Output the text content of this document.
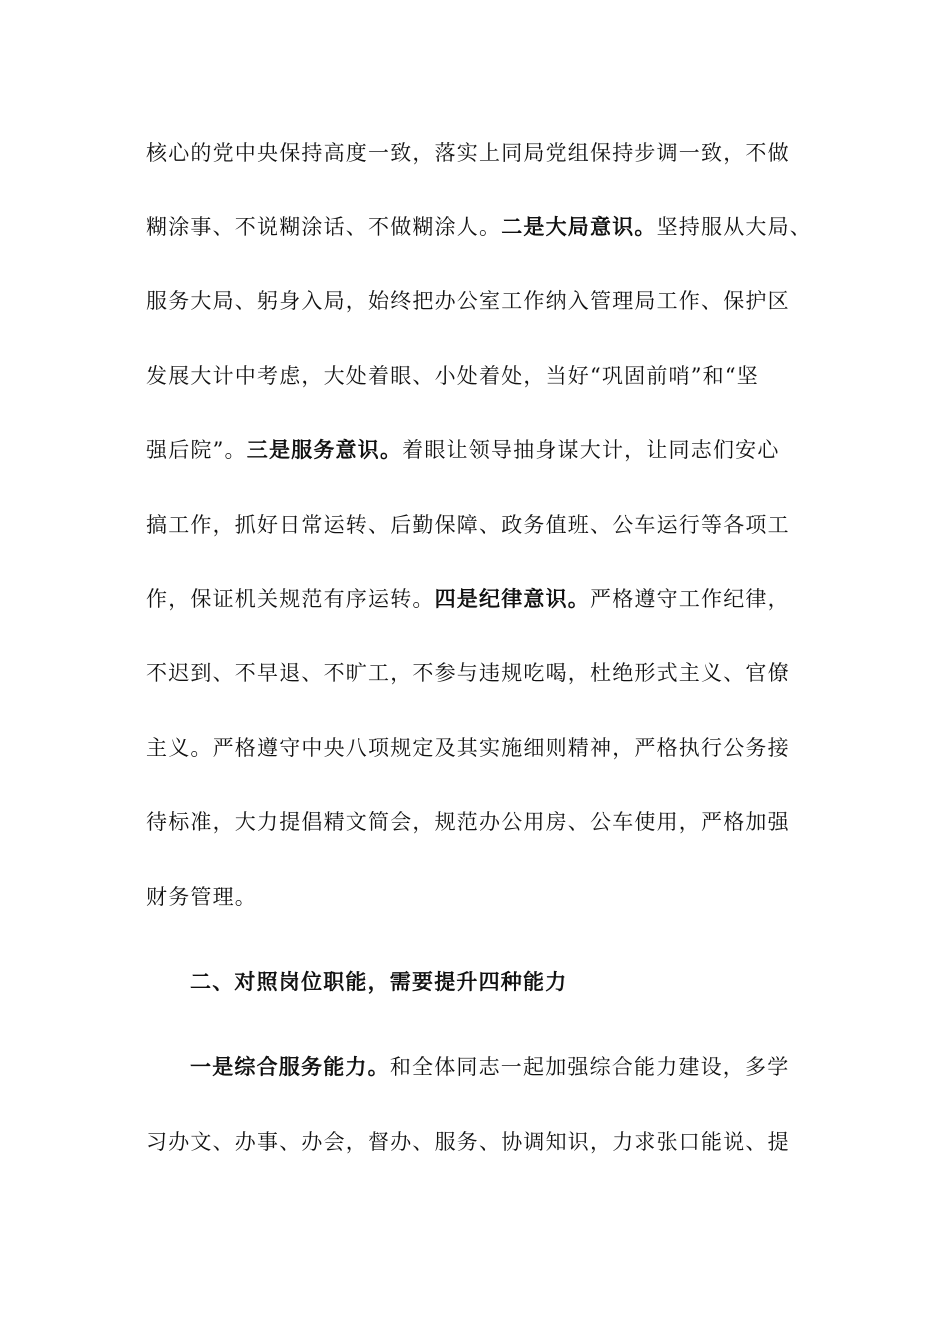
核心的党中央保持高度一致，落实上同局党组保持步调一致，不做
糊涂事、不说糊涂话、不做糊涂人。二是大局意识。坚持服从大局、
服务大局、躬身入局，始终把办公室工作纳入管理局工作、保护区
发展大计中考虑，大处着眼、小处着处，当好“巩固前哨”和“坚
强后院”。三是服务意识。着眼让领导抽身谋大计，让同志们安心
搞工作，抓好日常运转、后勤保障、政务值班、公车运行等各项工
作，保证机关规范有序运转。四是纪律意识。严格遵守工作纪律，
不迟到、不早退、不旷工，不参与违规吃喝，杜绝形式主义、官僚
主义。严格遵守中央八项规定及其实施细则精神，严格执行公务接
待标准，大力提倡精文简会，规范办公用房、公车使用，严格加强
财务管理。
二、对照岗位职能，需要提升四种能力
一是综合服务能力。和全体同志一起加强综合能力建设，多学
习办文、办事、办会，督办、服务、协调知识，力求张口能说、提
